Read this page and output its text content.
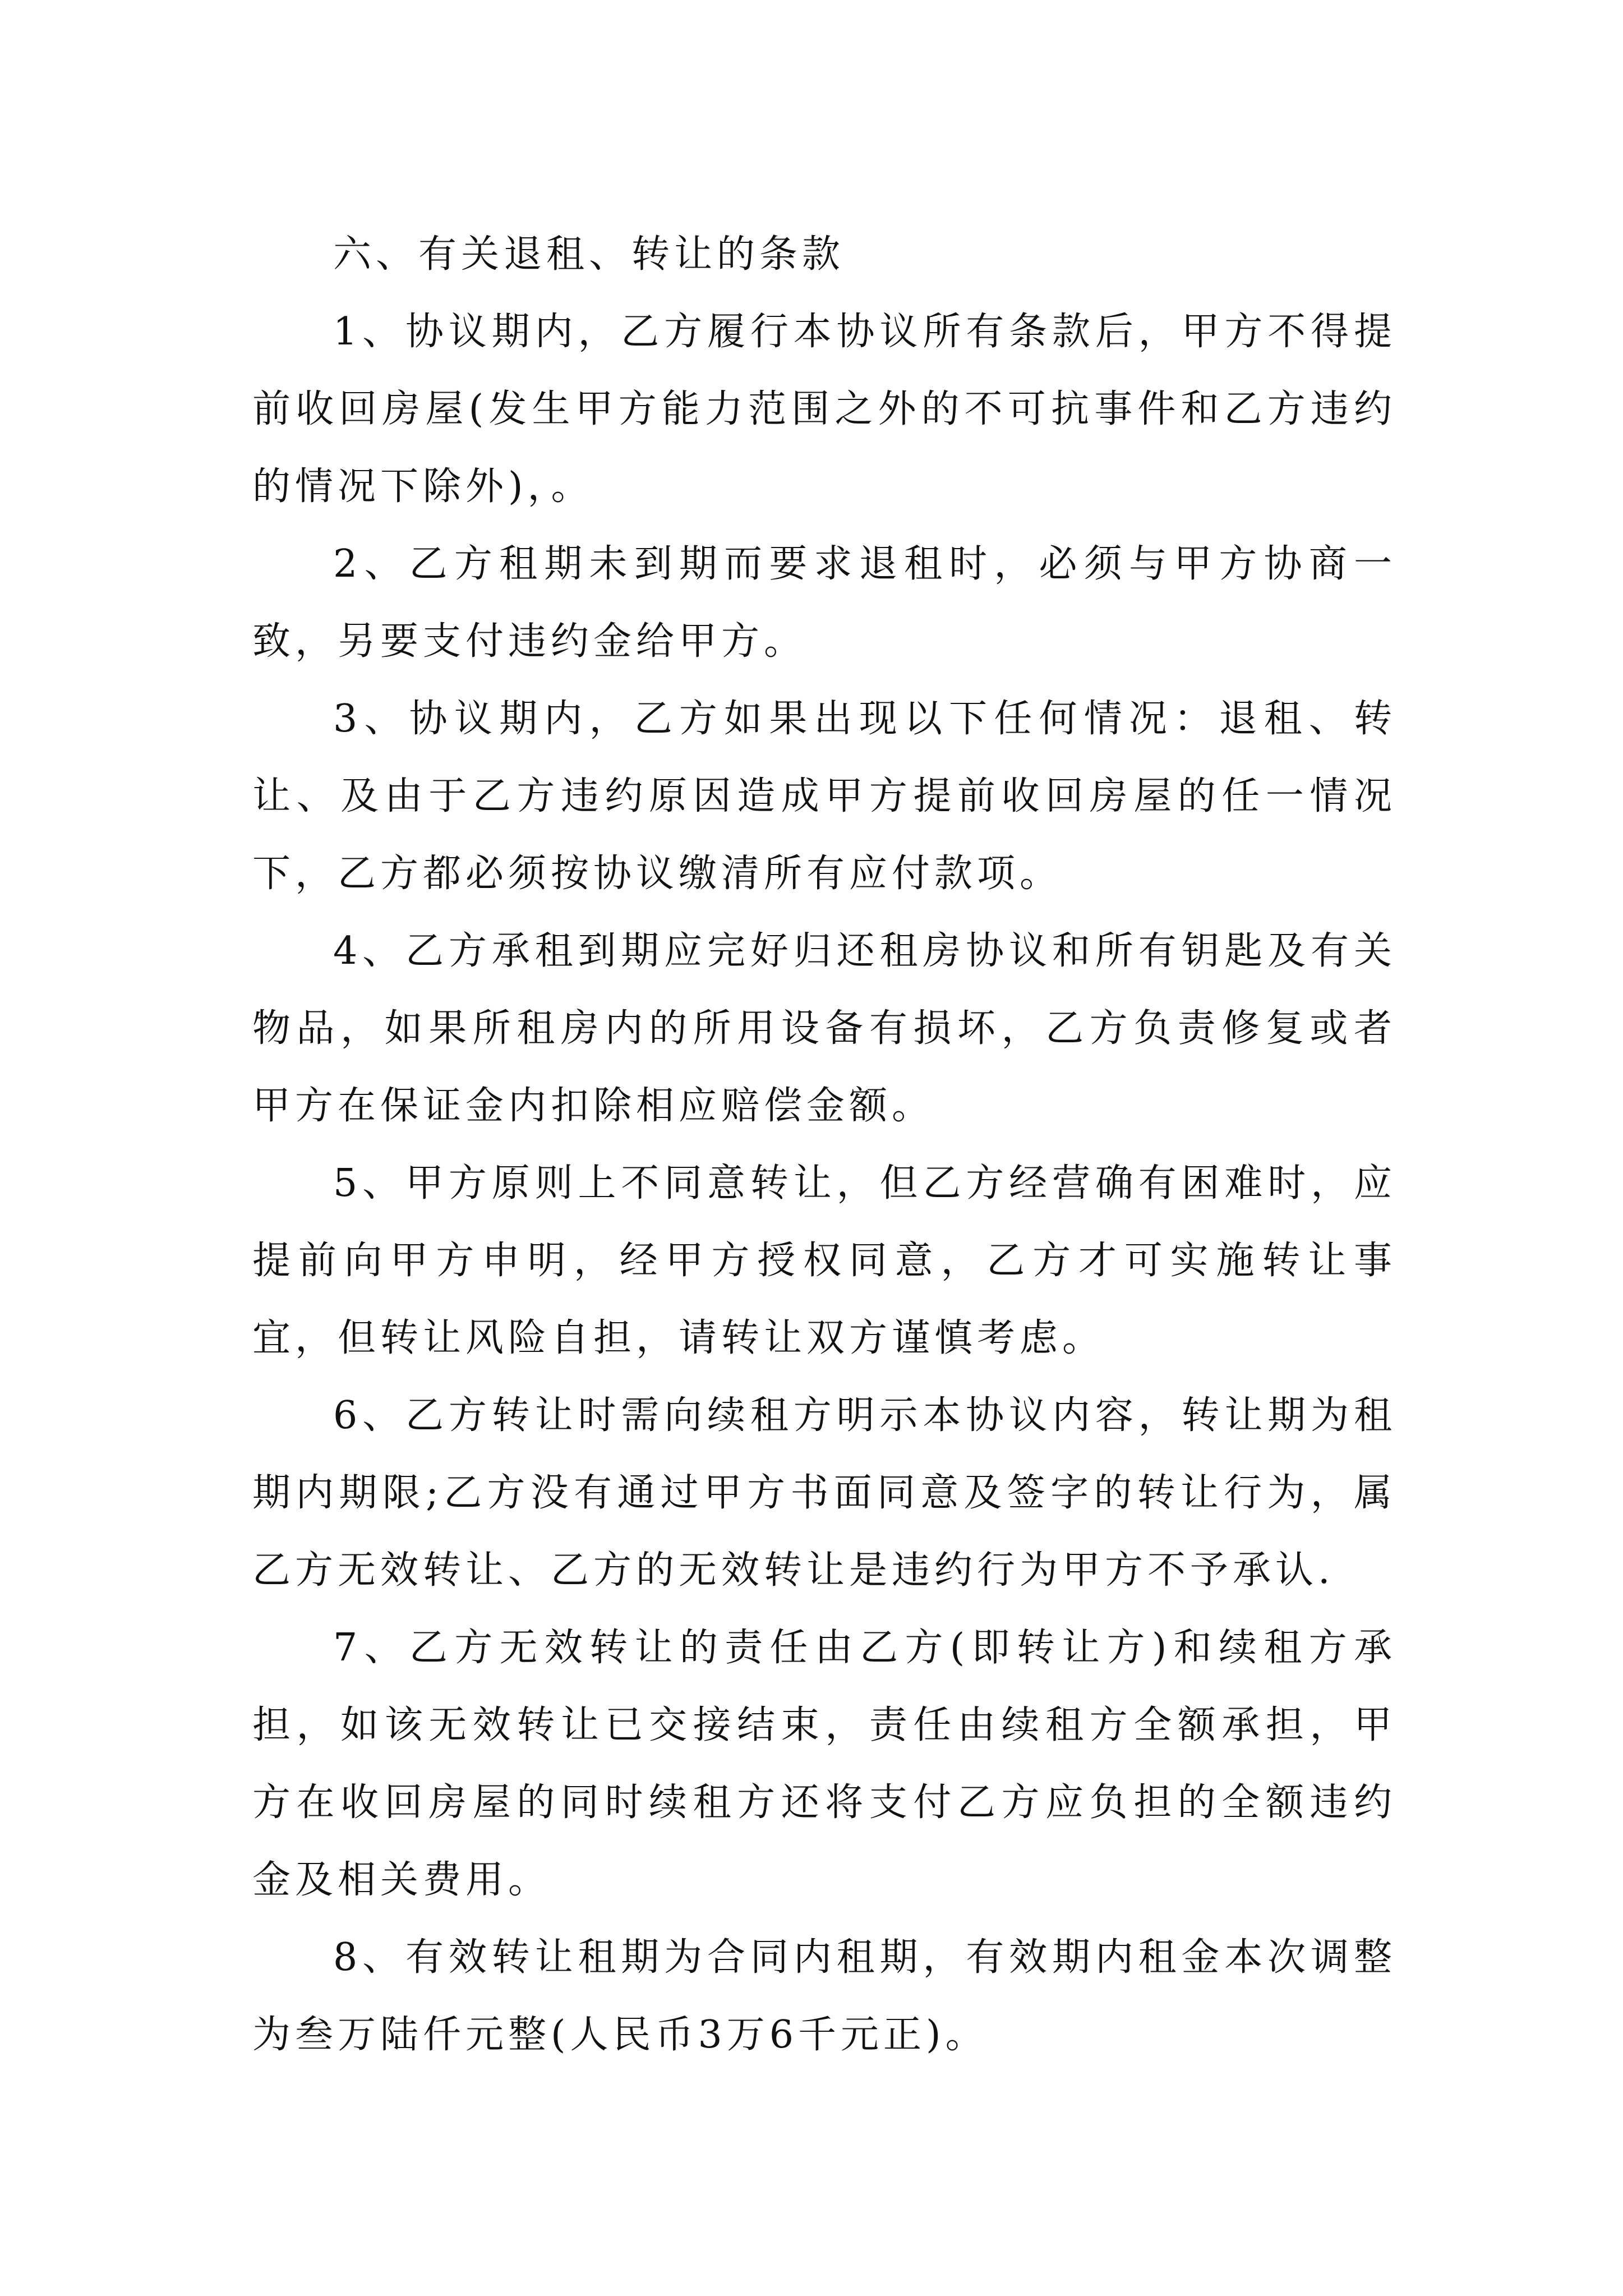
六、有关退租、转让的条款

1、协议期内，乙方履行本协议所有条款后，甲方不得提前收回房屋(发生甲方能力范围之外的不可抗事件和乙方违约的情况下除外)，。

2、乙方租期未到期而要求退租时，必须与甲方协商一致，另要支付违约金给甲方。

3、协议期内，乙方如果出现以下任何情况：退租、转让、及由于乙方违约原因造成甲方提前收回房屋的任一情况下，乙方都必须按协议缴清所有应付款项。

4、乙方承租到期应完好归还租房协议和所有钥匙及有关物品，如果所租房内的所用设备有损坏，乙方负责修复或者甲方在保证金内扣除相应赔偿金额。

5、甲方原则上不同意转让，但乙方经营确有困难时，应提前向甲方申明，经甲方授权同意，乙方才可实施转让事宜，但转让风险自担，请转让双方谨慎考虑。

6、乙方转让时需向续租方明示本协议内容，转让期为租期内期限;乙方没有通过甲方书面同意及签字的转让行为，属乙方无效转让、乙方的无效转让是违约行为甲方不予承认.

7、乙方无效转让的责任由乙方(即转让方)和续租方承担，如该无效转让已交接结束，责任由续租方全额承担，甲方在收回房屋的同时续租方还将支付乙方应负担的全额违约金及相关费用。

8、有效转让租期为合同内租期，有效期内租金本次调整为叁万陆仟元整(人民币3万6千元正)。
